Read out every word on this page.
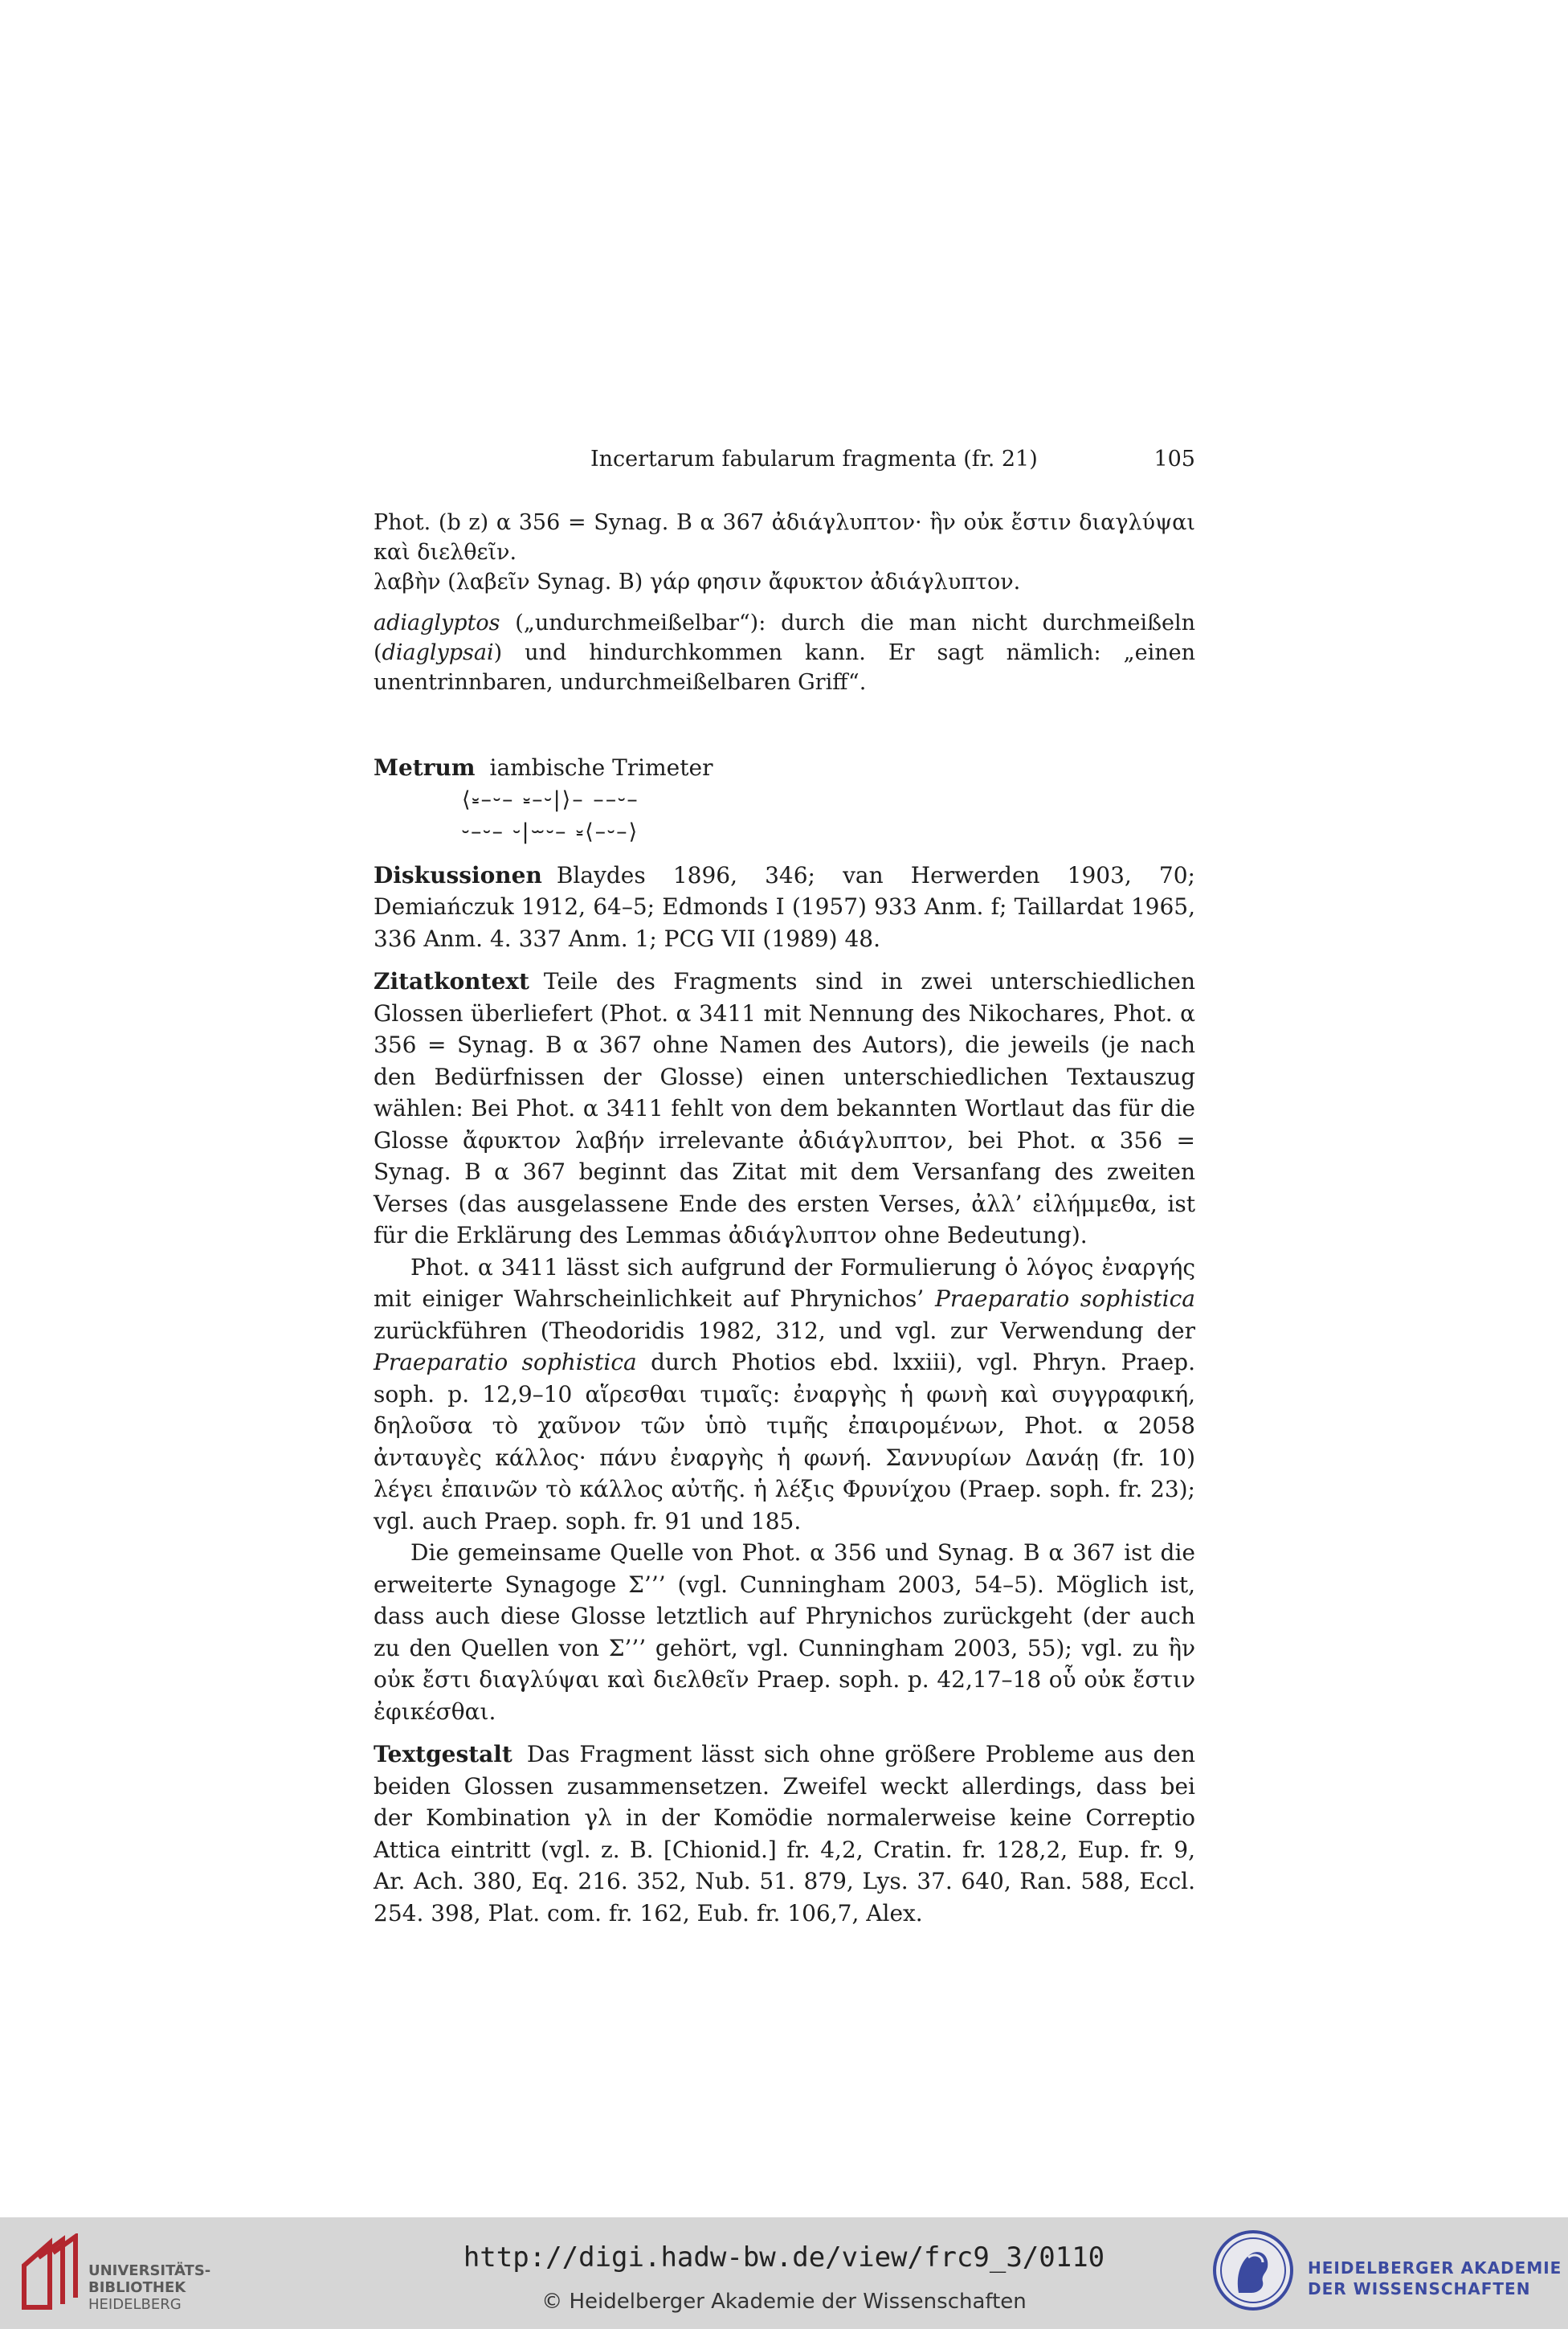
Incertarum fabularum fragmenta (fr. 21)	105

Phot. (b z) α 356 = Synag. B α 367 ἀδιάγλυπτον· ἣν οὐκ ἔστιν διαγλύψαι καὶ διελθεῖν.

λαβὴν (λαβεῖν Synag. B) γάρ φησιν ἄφυκτον ἀδιάγλυπτον.

adiaglyptos („undurchmeißelbar“): durch die man nicht durchmeißeln (diaglypsai) und hindurchkommen kann. Er sagt nämlich: „einen unentrinnbaren, undurchmeißelbaren Griff“.

Metrum iambische Trimeter

⟨⏓–⏑– ⏓–⏑|⟩– ––⏑–

⏑–⏑– ⏑|⏖⏑– ⏓⟨–⏑–⟩

Diskussionen Blaydes 1896, 346; van Herwerden 1903, 70; Demiańczuk 1912, 64–5; Edmonds I (1957) 933 Anm. f; Taillardat 1965, 336 Anm. 4. 337 Anm. 1; PCG VII (1989) 48.

Zitatkontext Teile des Fragments sind in zwei unterschiedlichen Glossen überliefert (Phot. α 3411 mit Nennung des Nikochares, Phot. α 356 = Synag. B α 367 ohne Namen des Autors), die jeweils (je nach den Bedürfnissen der Glosse) einen unterschiedlichen Textauszug wählen: Bei Phot. α 3411 fehlt von dem bekannten Wortlaut das für die Glosse ἄφυκτον λαβήν irrelevante ἀδιάγλυπτον, bei Phot. α 356 = Synag. B α 367 beginnt das Zitat mit dem Versanfang des zweiten Verses (das ausgelassene Ende des ersten Verses, ἀλλ’ εἰλήμμεθα, ist für die Erklärung des Lemmas ἀδιάγλυπτον ohne Bedeutung).

Phot. α 3411 lässt sich aufgrund der Formulierung ὁ λόγος ἐναργής mit einiger Wahrscheinlichkeit auf Phrynichos’ Praeparatio sophistica zurückführen (Theodoridis 1982, 312, und vgl. zur Verwendung der Praeparatio sophistica durch Photios ebd. lxxiii), vgl. Phryn. Praep. soph. p. 12,9–10 αἵρεσθαι τιμαῖς: ἐναργὴς ἡ φωνὴ καὶ συγγραφική, δηλοῦσα τὸ χαῦνον τῶν ὑπὸ τιμῆς ἐπαιρομένων, Phot. α 2058 ἀνταυγὲς κάλλος· πάνυ ἐναργὴς ἡ φωνή. Σαννυρίων Δανάῃ (fr. 10) λέγει ἐπαινῶν τὸ κάλλος αὐτῆς. ἡ λέξις Φρυνίχου (Praep. soph. fr. 23); vgl. auch Praep. soph. fr. 91 und 185.

Die gemeinsame Quelle von Phot. α 356 und Synag. B α 367 ist die erweiterte Synagoge Σ’’’ (vgl. Cunningham 2003, 54–5). Möglich ist, dass auch diese Glosse letztlich auf Phrynichos zurückgeht (der auch zu den Quellen von Σ’’’ gehört, vgl. Cunningham 2003, 55); vgl. zu ἣν οὐκ ἔστι διαγλύψαι καὶ διελθεῖν Praep. soph. p. 42,17–18 οὗ οὐκ ἔστιν ἐφικέσθαι.

Textgestalt Das Fragment lässt sich ohne größere Probleme aus den beiden Glossen zusammensetzen. Zweifel weckt allerdings, dass bei der Kombination γλ in der Komödie normalerweise keine Correptio Attica eintritt (vgl. z. B. [Chionid.] fr. 4,2, Cratin. fr. 128,2, Eup. fr. 9, Ar. Ach. 380, Eq. 216. 352, Nub. 51. 879, Lys. 37. 640, Ran. 588, Eccl. 254. 398, Plat. com. fr. 162, Eub. fr. 106,7, Alex.

UNIVERSITÄTS-
BIBLIOTHEK
HEIDELBERG
http://digi.hadw-bw.de/view/frc9_3/0110
© Heidelberger Akademie der Wissenschaften
HEIDELBERGER AKADEMIE
DER WISSENSCHAFTEN
